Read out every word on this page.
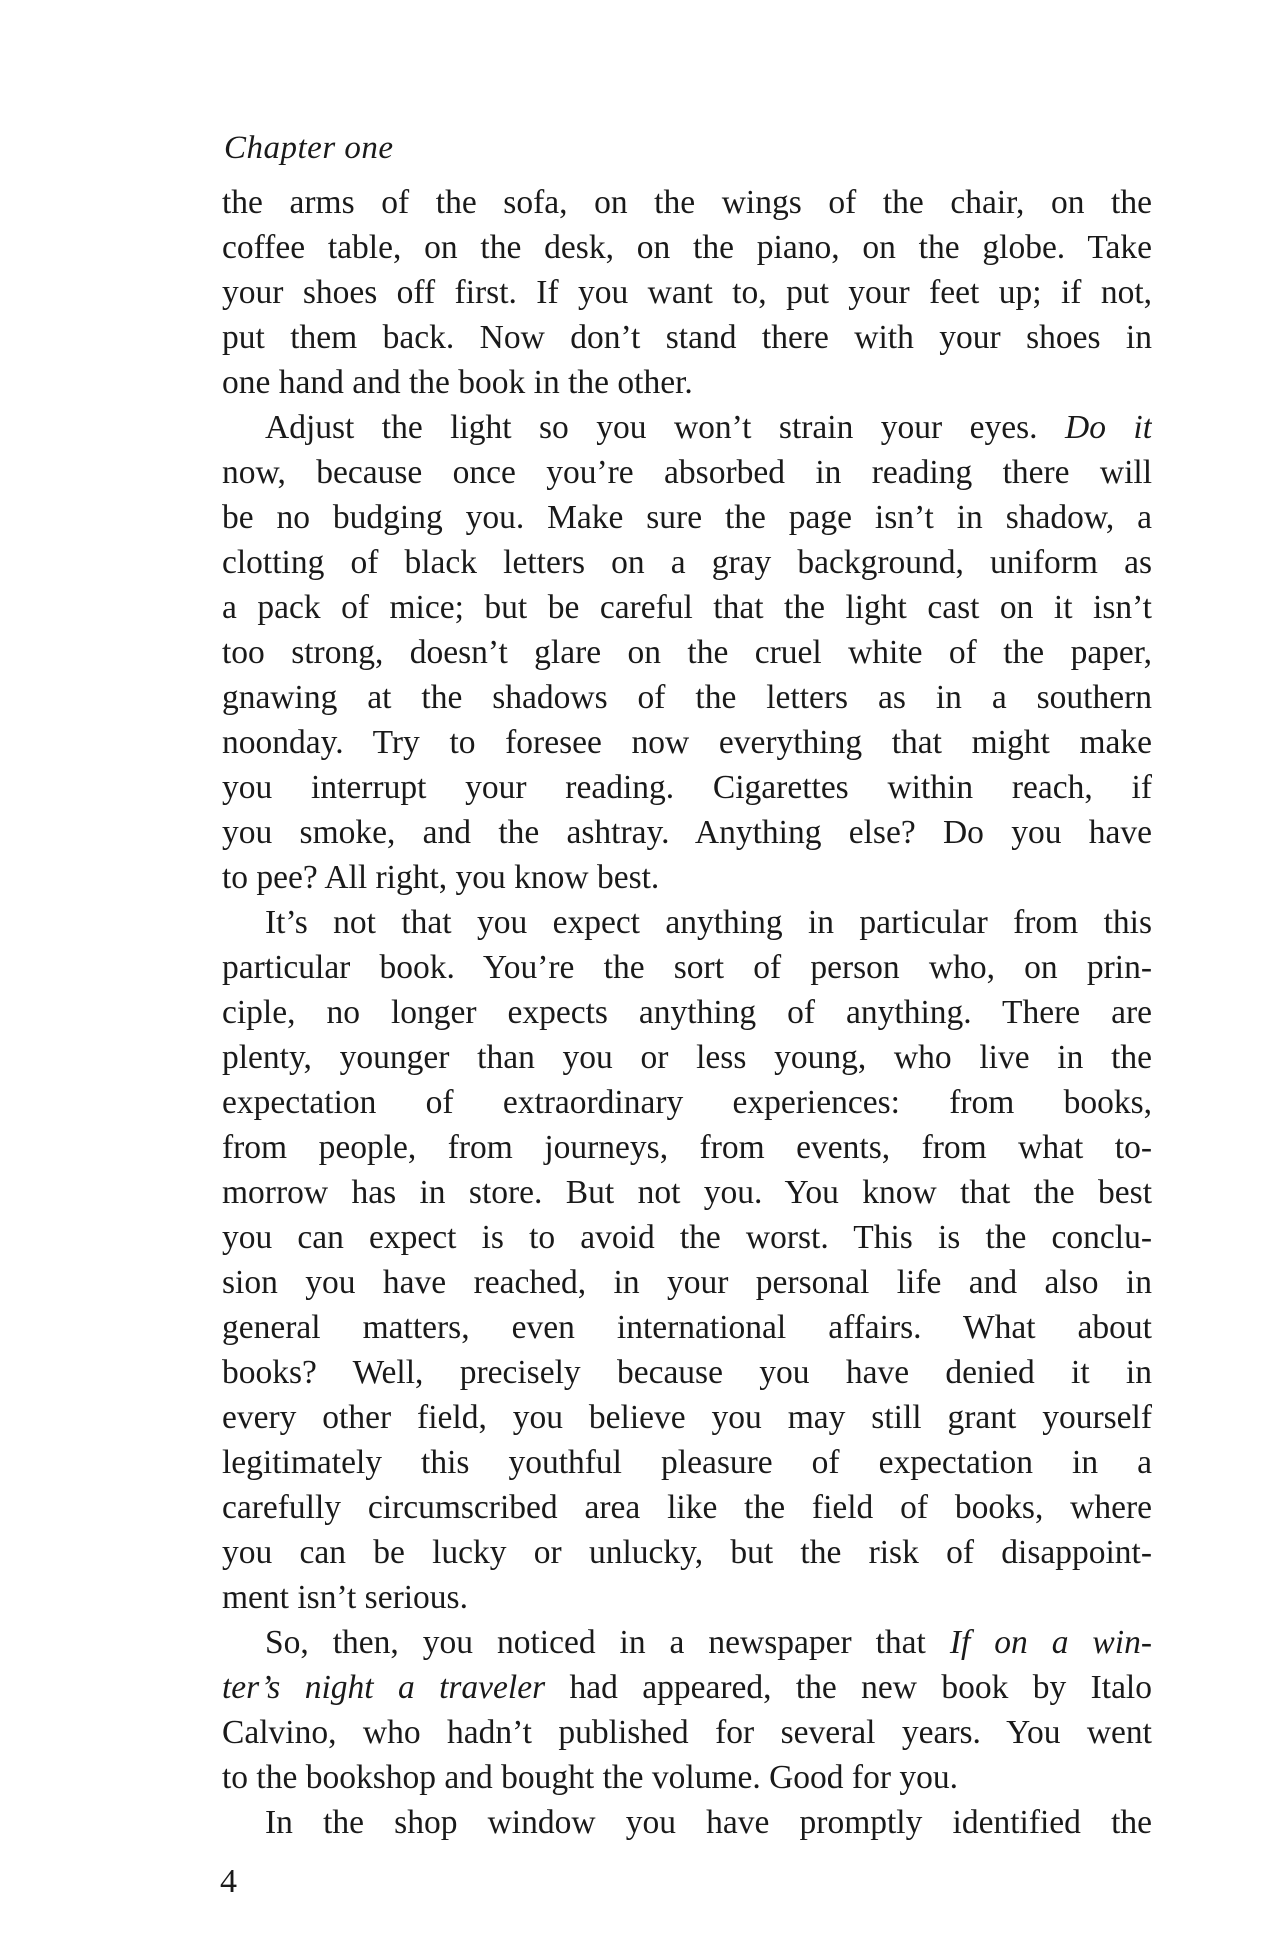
Chapter one
the arms of the sofa, on the wings of the chair, on the
coffee table, on the desk, on the piano, on the globe. Take
your shoes off first. If you want to, put your feet up; if not,
put them back. Now don’t stand there with your shoes in
one hand and the book in the other.
Adjust the light so you won’t strain your eyes. Do it
now, because once you’re absorbed in reading there will
be no budging you. Make sure the page isn’t in shadow, a
clotting of black letters on a gray background, uniform as
a pack of mice; but be careful that the light cast on it isn’t
too strong, doesn’t glare on the cruel white of the paper,
gnawing at the shadows of the letters as in a southern
noonday. Try to foresee now everything that might make
you interrupt your reading. Cigarettes within reach, if
you smoke, and the ashtray. Anything else? Do you have
to pee? All right, you know best.
It’s not that you expect anything in particular from this
particular book. You’re the sort of person who, on prin-
ciple, no longer expects anything of anything. There are
plenty, younger than you or less young, who live in the
expectation of extraordinary experiences: from books,
from people, from journeys, from events, from what to-
morrow has in store. But not you. You know that the best
you can expect is to avoid the worst. This is the conclu-
sion you have reached, in your personal life and also in
general matters, even international affairs. What about
books? Well, precisely because you have denied it in
every other field, you believe you may still grant yourself
legitimately this youthful pleasure of expectation in a
carefully circumscribed area like the field of books, where
you can be lucky or unlucky, but the risk of disappoint-
ment isn’t serious.
So, then, you noticed in a newspaper that If on a win-
ter’s night a traveler had appeared, the new book by Italo
Calvino, who hadn’t published for several years. You went
to the bookshop and bought the volume. Good for you.
In the shop window you have promptly identified the
4
